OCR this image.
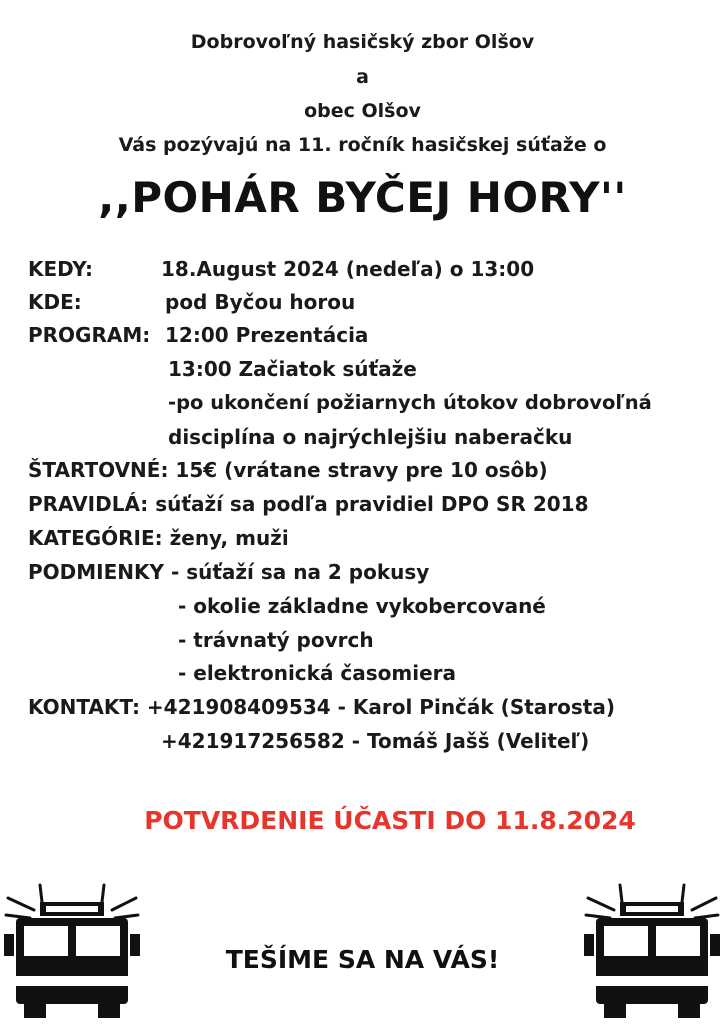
Dobrovoľný hasičský zbor Olšov
a
obec Olšov
Vás pozývajú na 11. ročník hasičskej súťaže o
,,POHÁR BYČEJ HORY''
KEDY:	18.August 2024 (nedeľa) o 13:00
KDE:	pod Byčou horou
PROGRAM: 12:00 Prezentácia
13:00 Začiatok súťaže
-po ukončení požiarnych útokov dobrovoľná
disciplína o najrýchlejšiu naberačku
ŠTARTOVNÉ: 15€ (vrátane stravy pre 10 osôb)
PRAVIDLÁ: súťaží sa podľa pravidiel DPO SR 2018
KATEGÓRIE: ženy, muži
PODMIENKY - súťaží sa na 2 pokusy
- okolie základne vykobercované
- trávnatý povrch
- elektronická časomiera
KONTAKT: +421908409534 - Karol Pinčák (Starosta)
+421917256582 - Tomáš Jašš (Veliteľ)
POTVRDENIE ÚČASTI DO 11.8.2024
TEŠÍME SA NA VÁS!
